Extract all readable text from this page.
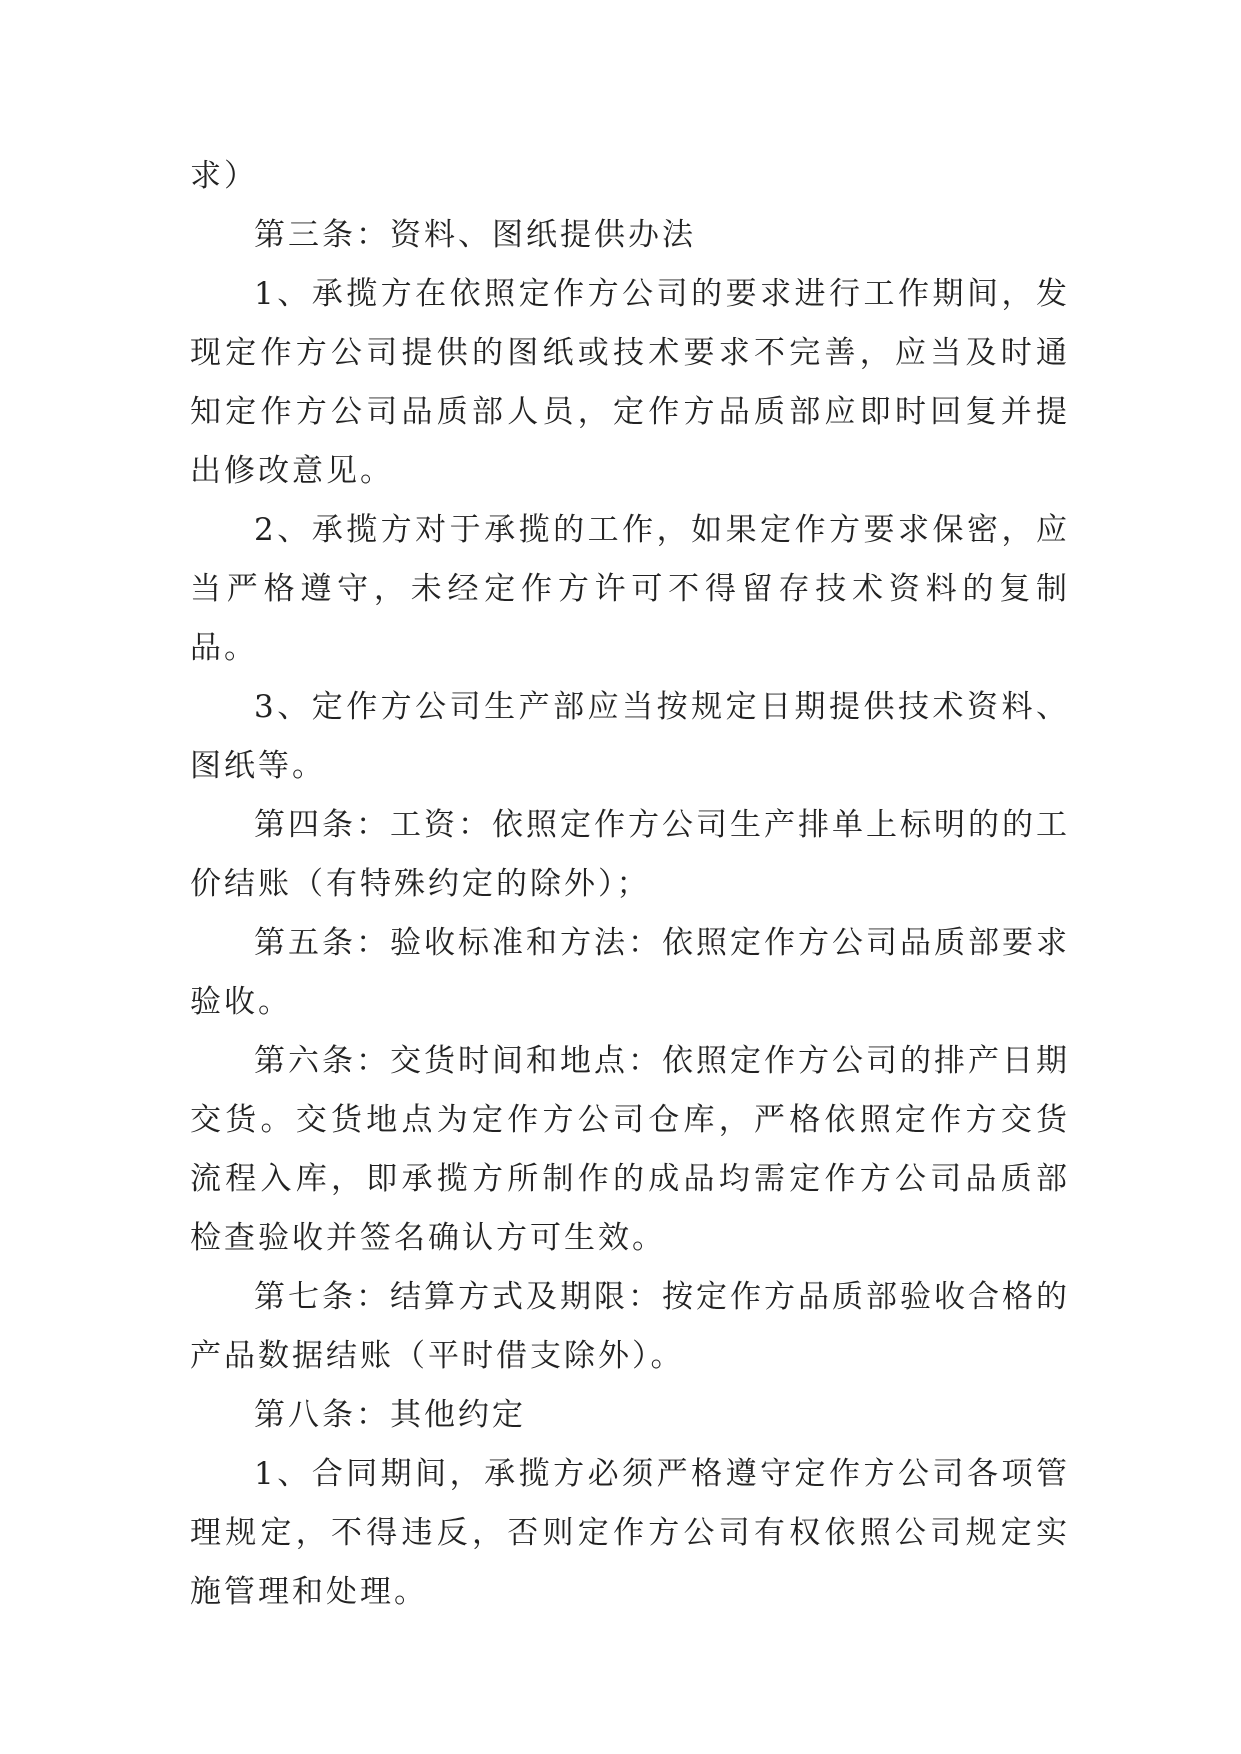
求）

第三条：资料、图纸提供办法

1、承揽方在依照定作方公司的要求进行工作期间，发现定作方公司提供的图纸或技术要求不完善，应当及时通知定作方公司品质部人员，定作方品质部应即时回复并提出修改意见。

2、承揽方对于承揽的工作，如果定作方要求保密，应当严格遵守，未经定作方许可不得留存技术资料的复制品。

3、定作方公司生产部应当按规定日期提供技术资料、图纸等。

第四条：工资：依照定作方公司生产排单上标明的的工价结账（有特殊约定的除外）；

第五条：验收标准和方法：依照定作方公司品质部要求验收。

第六条：交货时间和地点：依照定作方公司的排产日期交货。交货地点为定作方公司仓库，严格依照定作方交货流程入库，即承揽方所制作的成品均需定作方公司品质部检查验收并签名确认方可生效。

第七条：结算方式及期限：按定作方品质部验收合格的产品数据结账（平时借支除外）。

第八条：其他约定

1、合同期间，承揽方必须严格遵守定作方公司各项管理规定，不得违反，否则定作方公司有权依照公司规定实施管理和处理。
